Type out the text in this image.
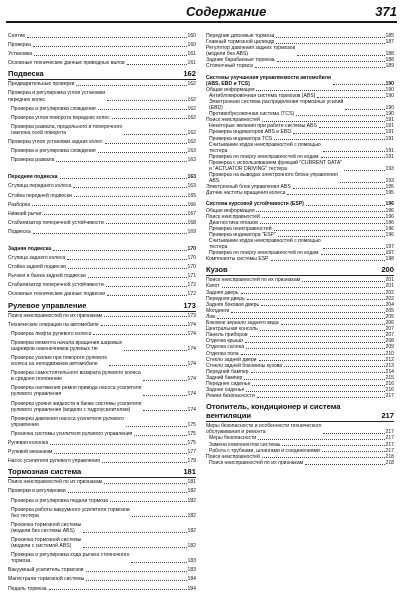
Содержание	371
Снятие	160
Проверка	160
Установка	161
Основные технические данные приводных валов	161
Подвеска	162
Предварительные проверки	162
Проверка и регулировка углов установки
передних колес	162
Проверка и регулировка схождения	162
Проверка углов поворота передних колес	162
Проверка развала, продольного и поперечного
наклона осей поворота	162
Проверка углов установки задних колес	162
Проверка и регулировка схождения	163
Проверка развала	163
Передняя подвеска	163
Ступица переднего колеса	163
Стойка передней подвески	165
Разборка	166
Нижний рычаг	167
Стабилизатор поперечной устойчивости	168
Подвеска	169
Задняя подвеска	170
Ступица заднего колеса	170
Стойка задней подвески	170
Рычаги и балка задней подвески	171
Стабилизатор поперечной устойчивости	172
Основные технические данные подвески	172
Рулевое управление	173
Поиск неисправностей по их признакам	173
Технические операции на автомобиле	174
Проверка люфта рулевого колеса	174
Проверка момента начала вращения шаровых
шарниров наконечников рулевых тяг	174
Проверка усилия при повороте рулевого
колеса на неподвижном автомобиле	174
Проверка самостоятельного возврата рулевого колеса
в среднее положение	174
Проверка натяжения ремня привода насоса усилителя
рулевого управления	174
Проверка уровня жидкости в бачке системы усилителя
рулевого управления (модели с гидроусилителем)	174
Проверка давления насоса усилителя рулевого
управления	175
Прокачка системы усилителя рулевого управления	175
Рулевая колонка	175
Рулевой механизм	177
Насос усилителя рулевого управления	179
Тормозная система	181
Поиск неисправностей по их признакам	181
Проверки и регулировки	182
Проверка и регулировка педали тормоза	182
Проверка работы вакуумного усилителя тормозов
без тестера	182
Прокачка тормозной системы
(модели без системы ABS)	182
Прокачка тормозной системы
(модели с системой ABS)	182
Проверка и регулировка хода рычага стояночного
тормоза	183
Вакуумный усилитель тормозов	183
Магистрали тормозной системы	184
Педаль тормоза	184
Передние дисковые тормоза	185
Главный тормозной цилиндр	187
Регулятор давления задних тормозов
(модели без ABS)	188
Задние барабанные тормоза	188
Стояночный тормоз	189
Системы улучшения управляемости автомобиля
(ABS, EBD и TCS)	190
Общая информация	190
Антиблокировочная система тормозов (ABS)	190
Электронная система распределения тормозных усилий
(EBD)	190
Противобуксовочная система (TCS)	190
Поиск неисправностей	191
Некоторые явления при работе системы ABS	191
Проверка индикаторов ABS и EBD	191
Проверка индикатора TCS	191
Считывание кодов неисправностей с помощью
тестера	191
Проверка по поиску неисправностей по кодам	191
Проверка с использованием функций "CURRENT DATA"
и "ACTUATOR DRIVING" тестера	193
Проверка на выводах электронного блока управления
ABS	193
Электронный блок управления ABS	195
Датчик частоты вращения колеса	195
Система курсовой устойчивости (ESP)	196
Общая информация	196
Поиск неисправностей	196
Диагностика отказов	196
Проверка неисправностей	196
Проверка индикатора "ESP"	196
Считывание кодов неисправностей с помощью
тестера	197
Проверка по поиску неисправностей по кодам	197
Компоненты системы ESP	198
Кузов	200
Поиск неисправностей по их признакам	201
Капот	201
Задняя дверь	202
Передняя дверь	202
Задняя боковая дверь	204
Молдинги	205
Люк	205
Боковое зеркало заднего вида	206
Центральная консоль	207
Панель приборов	207
Отделка крыши	208
Отделка салона	209
Отделка пола	210
Стекло задней двери	212
Стекло задней боковины кузова	213
Передний бампер	214
Задний бампер	215
Переднее сиденье	216
Заднее сиденье	216
Ремни безопасности	217
Отопитель, кондиционер и система
вентиляции	217
Меры безопасности и особенности технического
обслуживания и ремонта	217
Меры безопасности	217
Замена компонентов системы	217
Работа с трубками, шлангами и соединениями	217
Поиск неисправностей	218
Поиск неисправностей по их признакам	218
